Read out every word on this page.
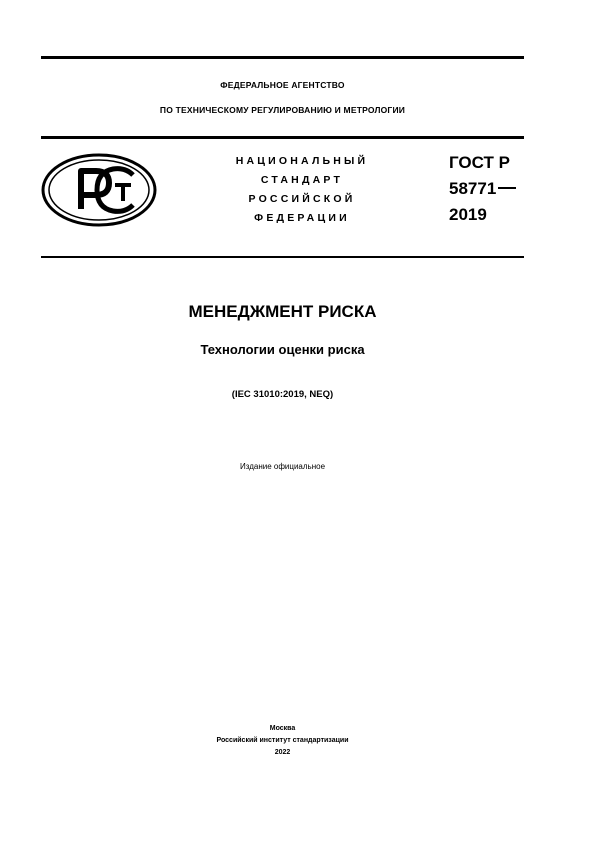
ФЕДЕРАЛЬНОЕ АГЕНТСТВО
ПО ТЕХНИЧЕСКОМУ РЕГУЛИРОВАНИЮ И МЕТРОЛОГИИ
НАЦИОНАЛЬНЫЙ
СТАНДАРТ
РОССИЙСКОЙ
ФЕДЕРАЦИИ
ГОСТ Р
58771
2019
МЕНЕДЖМЕНТ РИСКА
Технологии оценки риска
(IEC 31010:2019, NEQ)
Издание официальное
Москва
Российский институт стандартизации
2022
